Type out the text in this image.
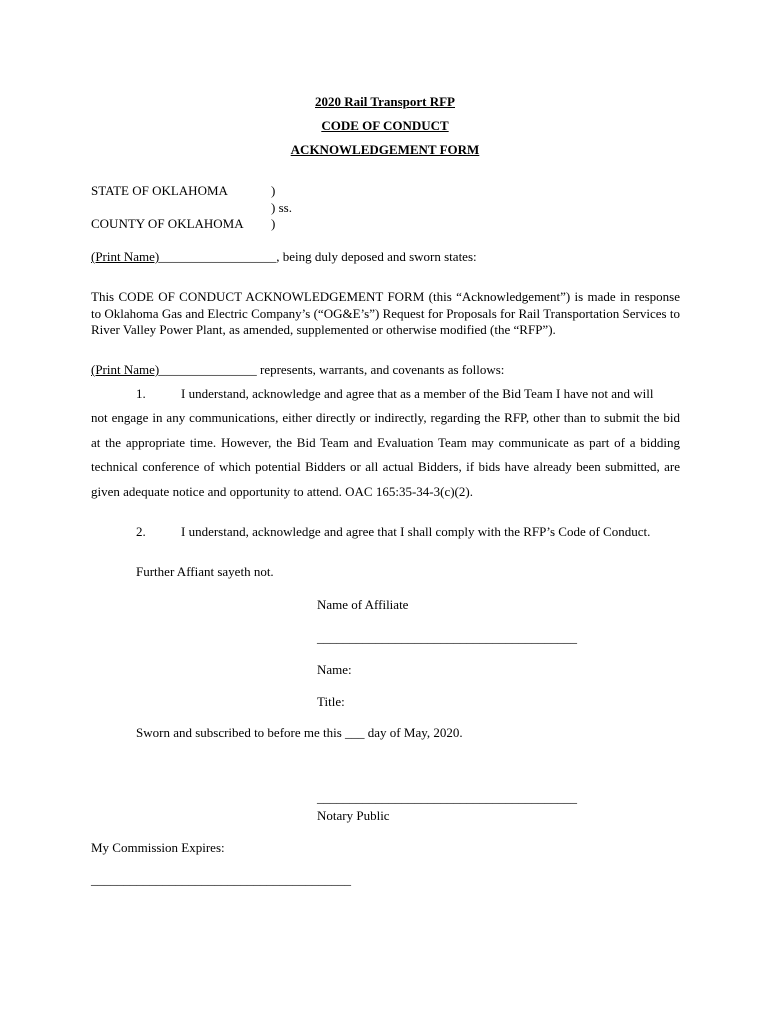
2020 Rail Transport RFP
CODE OF CONDUCT
ACKNOWLEDGEMENT FORM
STATE OF OKLAHOMA	)
) ss.
COUNTY OF OKLAHOMA )
(Print Name)__________________, being duly deposed and sworn states:
This CODE OF CONDUCT ACKNOWLEDGEMENT FORM (this “Acknowledgement”) is made in response to Oklahoma Gas and Electric Company’s (“OG&E’s”) Request for Proposals for Rail Transportation Services to River Valley Power Plant, as amended, supplemented or otherwise modified (the “RFP”).
(Print Name)_______________ represents, warrants, and covenants as follows:
1.	I understand, acknowledge and agree that as a member of the Bid Team I have not and will
not engage in any communications, either directly or indirectly, regarding the RFP, other than to submit the bid at the appropriate time. However, the Bid Team and Evaluation Team may communicate as part of a bidding technical conference of which potential Bidders or all actual Bidders, if bids have already been submitted, are given adequate notice and opportunity to attend. OAC 165:35-34-3(c)(2).
2.	I understand, acknowledge and agree that I shall comply with the RFP’s Code of Conduct.
Further Affiant sayeth not.
Name of Affiliate
________________________________________
Name:
Title:
Sworn and subscribed to before me this ___ day of May, 2020.
________________________________________
Notary Public
My Commission Expires:
________________________________________
